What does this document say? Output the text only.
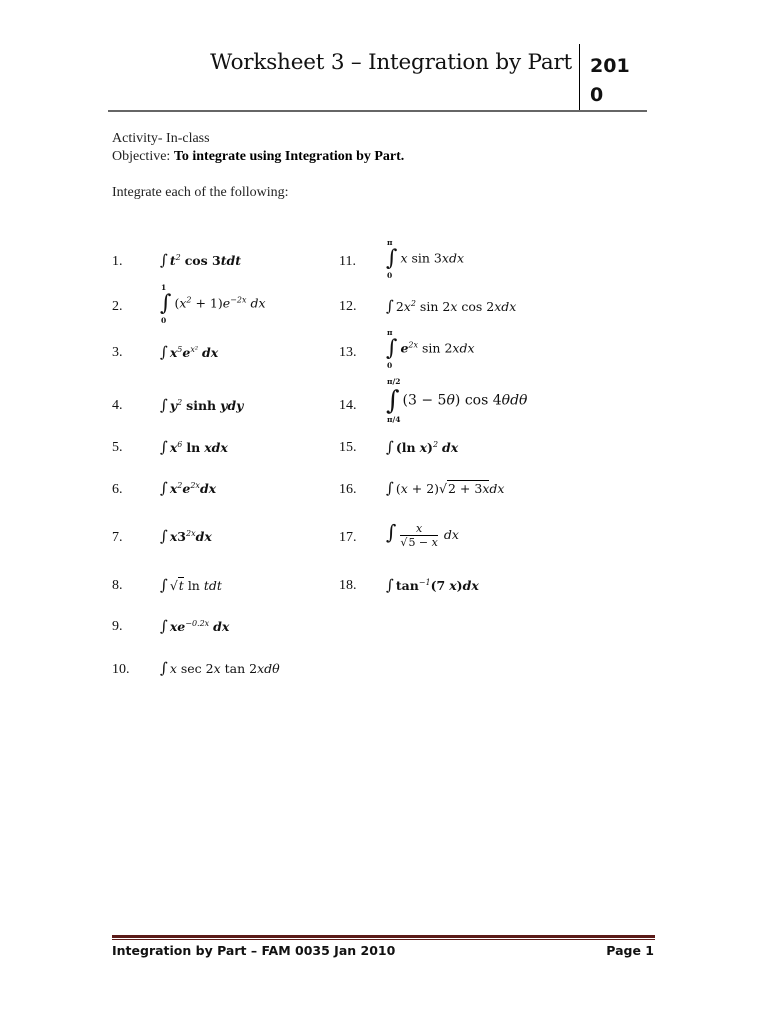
Worksheet 3 – Integration by Part 201
0
Activity- In-class
Objective: To integrate using Integration by Part.
Integrate each of the following:
1.	∫ $t^2$ cos 3tdt
2. ∫
1
0
$(x^2 + 1)e^{-2x}$ dx
3.	∫ $x^5e^{x^2}$ dx
4.	∫ $y^2$ sinh ydy
5.	∫ $x^6$ ln xdx
6.	∫ $x^2e^{2x}dx$
7.	∫ $x3^{2x}dx$
8.	∫ √t ln tdt
9.	∫ $xe^{-0.2x}$ dx
10. ∫ x sec 2x tan 2xdθ
11. ∫
π
0
x sin 3xdx
12. ∫ $2x^2$ sin 2x cos 2xdx
13. ∫
π
0
$e^{2x}$ sin 2xdx
14. ∫
π/2
π/4
(3 − 5θ) cos 4θdθ
15. ∫ (ln x)$^2$ dx
16. ∫ (x + 2)√2 + 3xdx
17. ∫ $\frac{x}{√5 - x}$ dx
18. ∫ $\tan^{-1}(7$ x)dx
Integration by Part – FAM 0035 Jan 2010	Page 1
